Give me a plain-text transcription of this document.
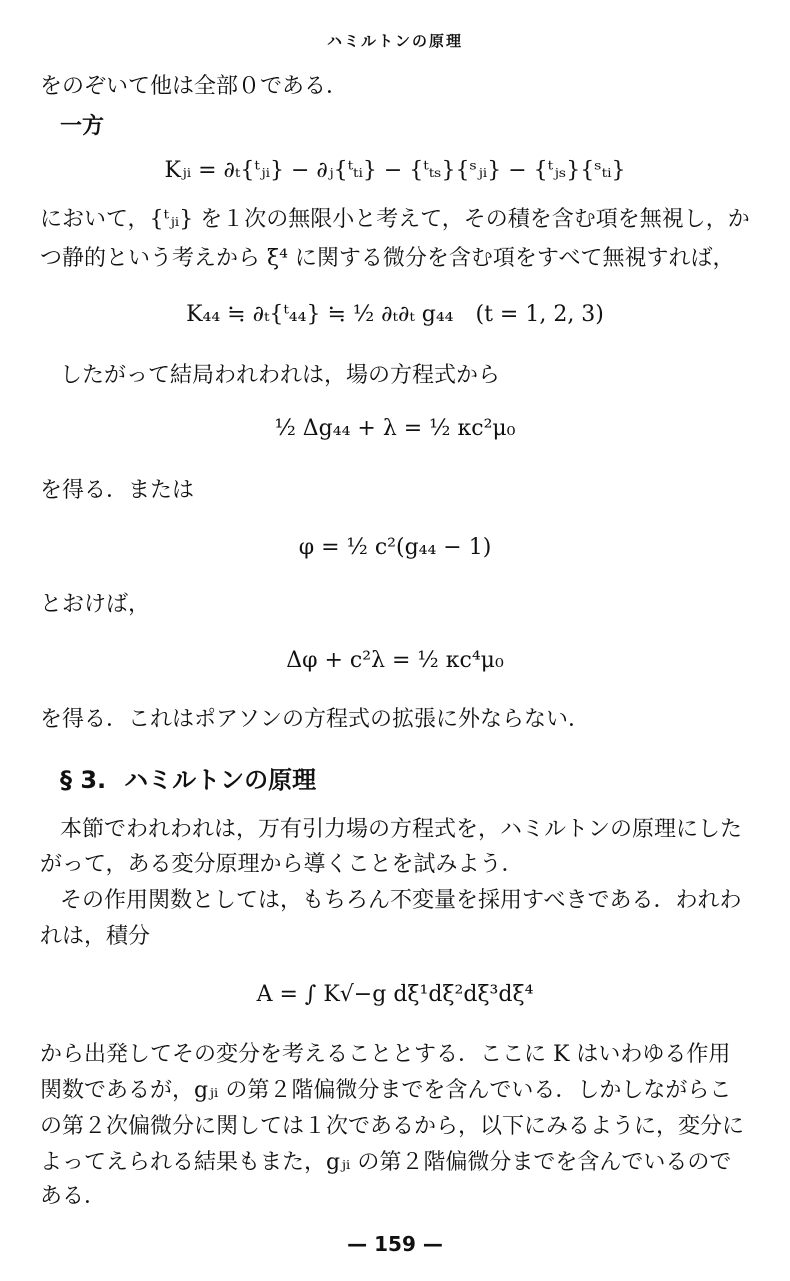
ハミルトンの原理
をのぞいて他は全部０である．
一方
Kⱼᵢ = ∂ₜ{ᵗⱼᵢ} − ∂ⱼ{ᵗₜᵢ} − {ᵗₜₛ}{ˢⱼᵢ} − {ᵗⱼₛ}{ˢₜᵢ}
において，{ᵗⱼᵢ} を１次の無限小と考えて，その積を含む項を無視し，か
つ静的という考えから ξ⁴ に関する微分を含む項をすべて無視すれば，
K₄₄ ≒ ∂ₜ{ᵗ₄₄} ≒ ½ ∂ₜ∂ₜ g₄₄　(t = 1, 2, 3)
したがって結局われわれは，場の方程式から
½ Δg₄₄ + λ = ½ κc²μ₀
を得る．または
φ = ½ c²(g₄₄ − 1)
とおけば，
Δφ + c²λ = ½ κc⁴μ₀
を得る．これはポアソンの方程式の拡張に外ならない．
§ 3. ハミルトンの原理
本節でわれわれは，万有引力場の方程式を，ハミルトンの原理にした
がって，ある変分原理から導くことを試みよう．
その作用関数としては，もちろん不変量を採用すべきである．われわ
れは，積分
A = ∫ K√−g dξ¹dξ²dξ³dξ⁴
から出発してその変分を考えることとする．ここに K はいわゆる作用
関数であるが，gⱼᵢ の第２階偏微分までを含んでいる．しかしながらこ
の第２次偏微分に関しては１次であるから，以下にみるように，変分に
よってえられる結果もまた，gⱼᵢ の第２階偏微分までを含んでいるので
ある．
— 159 —
